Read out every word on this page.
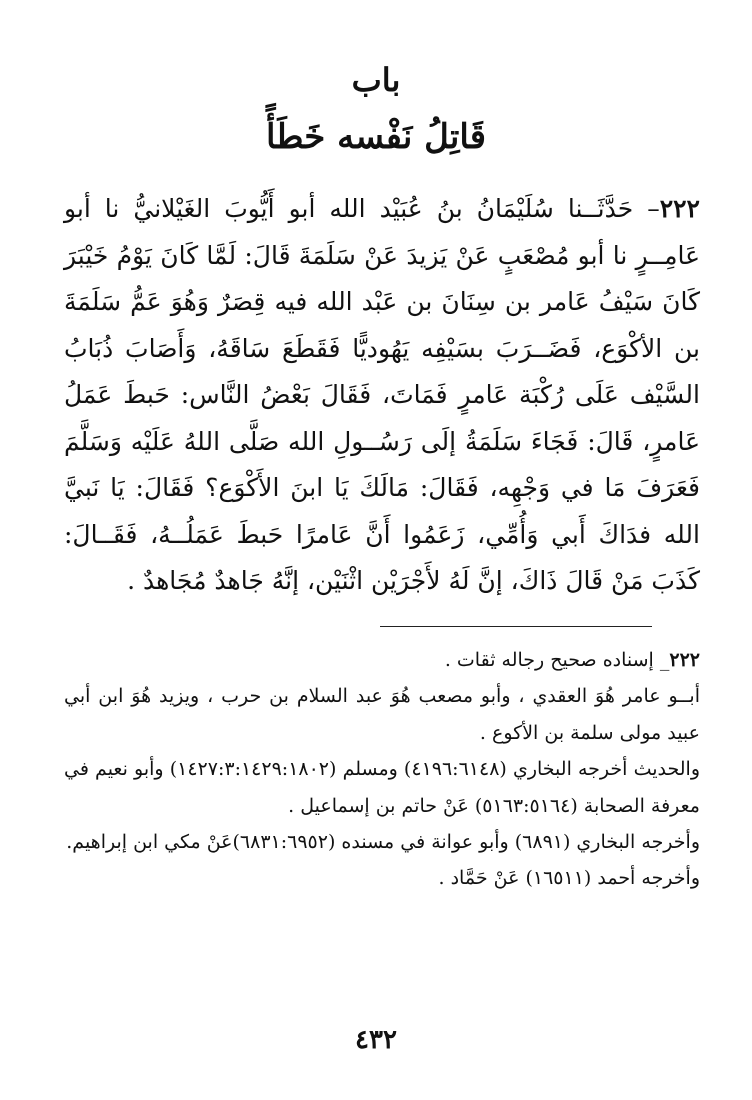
باب
قَاتِلُ نَفْسه خَطَأً
٢٢٢– حَدَّثَــنا سُلَيْمَانُ بنُ عُبَيْد الله أبو أَيُّوبَ الغَيْلانيُّ نا أبو عَامِــرٍ نا أبو مُصْعَبٍ عَنْ يَزيدَ عَنْ سَلَمَةَ قَالَ: لَمَّا كَانَ يَوْمُ خَيْبَرَ كَانَ سَيْفُ عَامر بن سِنَانَ بن عَبْد الله فيه قِصَرٌ وَهُوَ عَمُّ سَلَمَةَ بن الأكْوَع، فَضَــرَبَ بسَيْفِه يَهُوديًّا فَقَطَعَ سَاقَهُ، وَأَصَابَ ذُبَابُ السَّيْف عَلَى رُكْبَة عَامرٍ فَمَاتَ، فَقَالَ بَعْضُ النَّاس: حَبطَ عَمَلُ عَامرٍ، قَالَ: فَجَاءَ سَلَمَةُ إلَى رَسُــولِ الله صَلَّى اللهُ عَلَيْه وَسَلَّمَ فَعَرَفَ مَا في وَجْهِه، فَقَالَ: مَالَكَ يَا ابنَ الأَكْوَع؟ فَقَالَ: يَا نَبيَّ الله فدَاكَ أَبي وَأُمِّي، زَعَمُوا أَنَّ عَامرًا حَبطَ عَمَلُــهُ، فَقَــالَ: كَذَبَ مَنْ قَالَ ذَاكَ، إنَّ لَهُ لأَجْرَيْن اثْنَيْن، إنَّهُ جَاهدٌ مُجَاهدٌ .

٢٢٢_ إسناده صحيح رجاله ثقات .

أبــو عامر هُوَ العقدي ، وأبو مصعب هُوَ عبد السلام بن حرب ، ويزيد هُوَ ابن أبي عبيد مولى سلمة بن الأكوع .

والحديث أخرجه البخاري (٤١٩٦:٦١٤٨) ومسلم (١٤٢٧:٣:١٤٢٩:١٨٠٢) وأبو نعيم في معرفة الصحابة (٥١٦٣:٥١٦٤) عَنْ حاتم بن إسماعيل .

وأخرجه البخاري (٦٨٩١) وأبو عوانة في مسنده (٦٨٣١:٦٩٥٢)عَنْ مكي ابن إبراهيم.

وأخرجه أحمد (١٦٥١١) عَنْ حَمَّاد .

٤٣٢
